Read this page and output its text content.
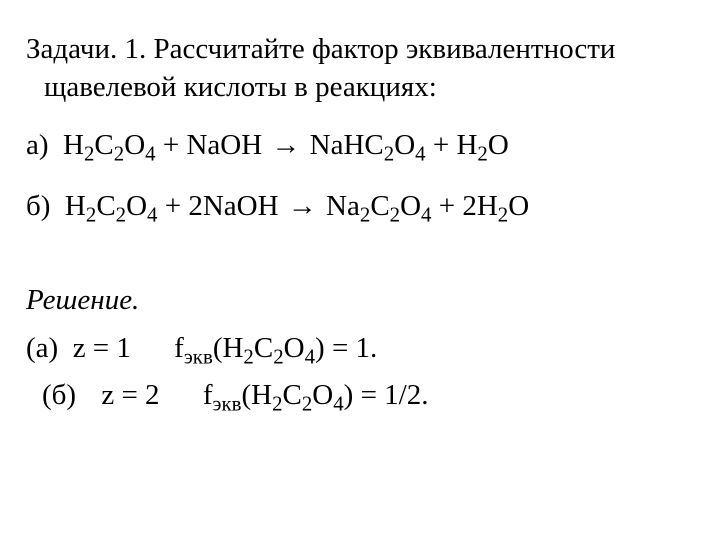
Задачи. 1. Рассчитайте фактор эквивалентности
щавелевой кислоты в реакциях:
а) $H_2C_2O_4$ + NaOH → $NaHC_2O_4 + H_2O$
б) $H_2C_2O_4$ + 2NaOH → $Na_2C_2O_4 + 2H_2O$
Решение.
(а) z = 1 $f_{экв}(H_2C_2O_4) = 1$.
(б) z = 2 $f_{экв}(H_2C_2O_4) = 1/2$.
